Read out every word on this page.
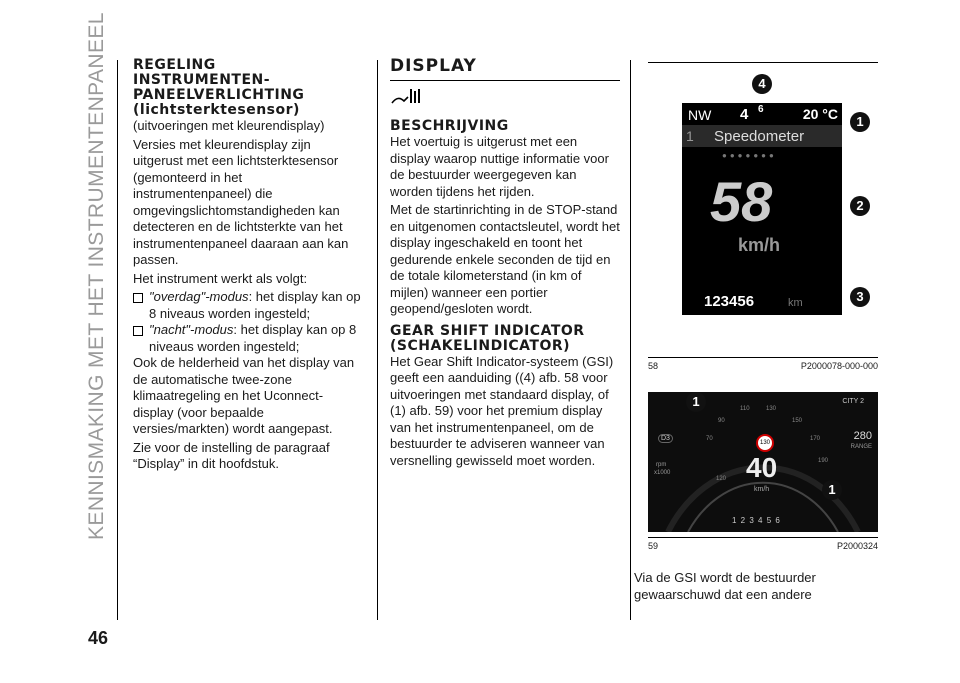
KENNISMAKING MET HET INSTRUMENTENPANEEL
46
REGELING
INSTRUMENTEN-
PANEELVERLICHTING
(lichtsterktesensor)

(uitvoeringen met kleurendisplay)

Versies met kleurendisplay zijn uitgerust met een lichtsterktesensor (gemonteerd in het instrumentenpaneel) die omgevingslichtomstandigheden kan detecteren en de lichtsterkte van het instrumentenpaneel daaraan aan kan passen.

Het instrument werkt als volgt:

"overdag"-modus: het display kan op 8 niveaus worden ingesteld;
"nacht"-modus: het display kan op 8 niveaus worden ingesteld;

Ook de helderheid van het display van de automatische twee-zone klimaatregeling en het Uconnect-display (voor bepaalde versies/markten) wordt aangepast.

Zie voor de instelling de paragraaf “Display” in dit hoofdstuk.

DISPLAY
BESCHRIJVING

Het voertuig is uitgerust met een display waarop nuttige informatie voor de bestuurder weergegeven kan worden tijdens het rijden.

Met de startinrichting in de STOP-stand en uitgenomen contactsleutel, wordt het display ingeschakeld en toont het gedurende enkele seconden de tijd en de totale kilometerstand (in km of mijlen) wanneer een portier geopend/gesloten wordt.

GEAR SHIFT INDICATOR
(SCHAKELINDICATOR)

Het Gear Shift Indicator-systeem (GSI) geeft een aanduiding ((4) afb. 58 voor uitvoeringen met standaard display, of (1) afb. 59) voor het premium display van het instrumentenpaneel, om de bestuurder te adviseren wanneer van versnelling gewisseld moet worden.

NW 4 6	20 °C
1 Speedometer
●●●●●●●
58
km/h
123456	km
4
1
2
3
58	P2000078-000-000
40
km/h
130
280
RANGE
CITY 2
rpm
x1000
D3
1 2 3 4 5 6
130
110
90	150
70	170
190
120
1
1
59	P2000324

Via de GSI wordt de bestuurder gewaarschuwd dat een andere
